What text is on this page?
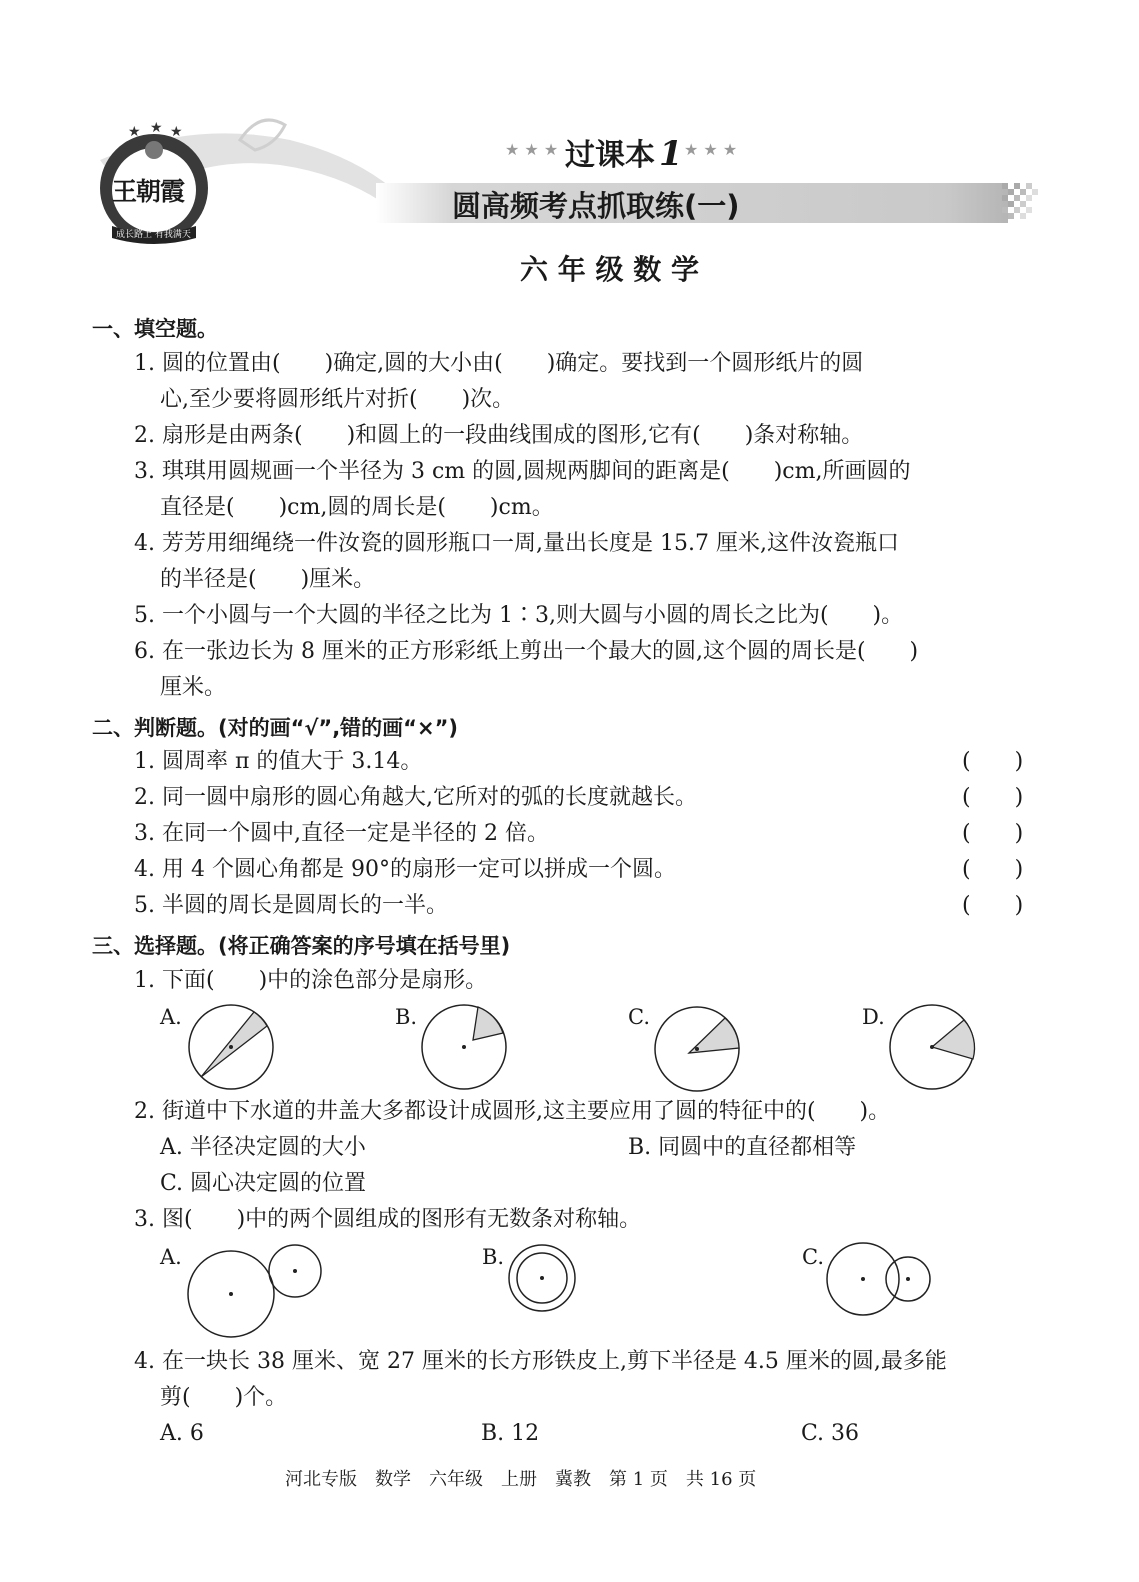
★ ★ ★
王朝霞
成长路上 有我满天
★ ★ ★ 过课本 1 ★ ★ ★
圆高频考点抓取练(一)
六 年 级 数 学
一、填空题。
1. 圆的位置由(　　)确定,圆的大小由(　　)确定。要找到一个圆形纸片的圆
心,至少要将圆形纸片对折(　　)次。
2. 扇形是由两条(　　)和圆上的一段曲线围成的图形,它有(　　)条对称轴。
3. 琪琪用圆规画一个半径为 3 cm 的圆,圆规两脚间的距离是(　　)cm,所画圆的
直径是(　　)cm,圆的周长是(　　)cm。
4. 芳芳用细绳绕一件汝瓷的圆形瓶口一周,量出长度是 15.7 厘米,这件汝瓷瓶口
的半径是(　　)厘米。
5. 一个小圆与一个大圆的半径之比为 1∶3,则大圆与小圆的周长之比为(　　)。
6. 在一张边长为 8 厘米的正方形彩纸上剪出一个最大的圆,这个圆的周长是(　　)
厘米。
二、判断题。(对的画“√”,错的画“×”)
1. 圆周率 π 的值大于 3.14。	(　　)
2. 同一圆中扇形的圆心角越大,它所对的弧的长度就越长。	(　　)
3. 在同一个圆中,直径一定是半径的 2 倍。	(　　)
4. 用 4 个圆心角都是 90°的扇形一定可以拼成一个圆。	(　　)
5. 半圆的周长是圆周长的一半。	(　　)
三、选择题。(将正确答案的序号填在括号里)
1. 下面(　　)中的涂色部分是扇形。
A.	B.	C.	D.
2. 街道中下水道的井盖大多都设计成圆形,这主要应用了圆的特征中的(　　)。
A. 半径决定圆的大小	B. 同圆中的直径都相等
C. 圆心决定圆的位置
3. 图(　　)中的两个圆组成的图形有无数条对称轴。
A.	B.	C.
4. 在一块长 38 厘米、宽 27 厘米的长方形铁皮上,剪下半径是 4.5 厘米的圆,最多能
剪(　　)个。
A. 6	B. 12	C. 36
河北专版　数学　六年级　上册　冀教　第 1 页　共 16 页
